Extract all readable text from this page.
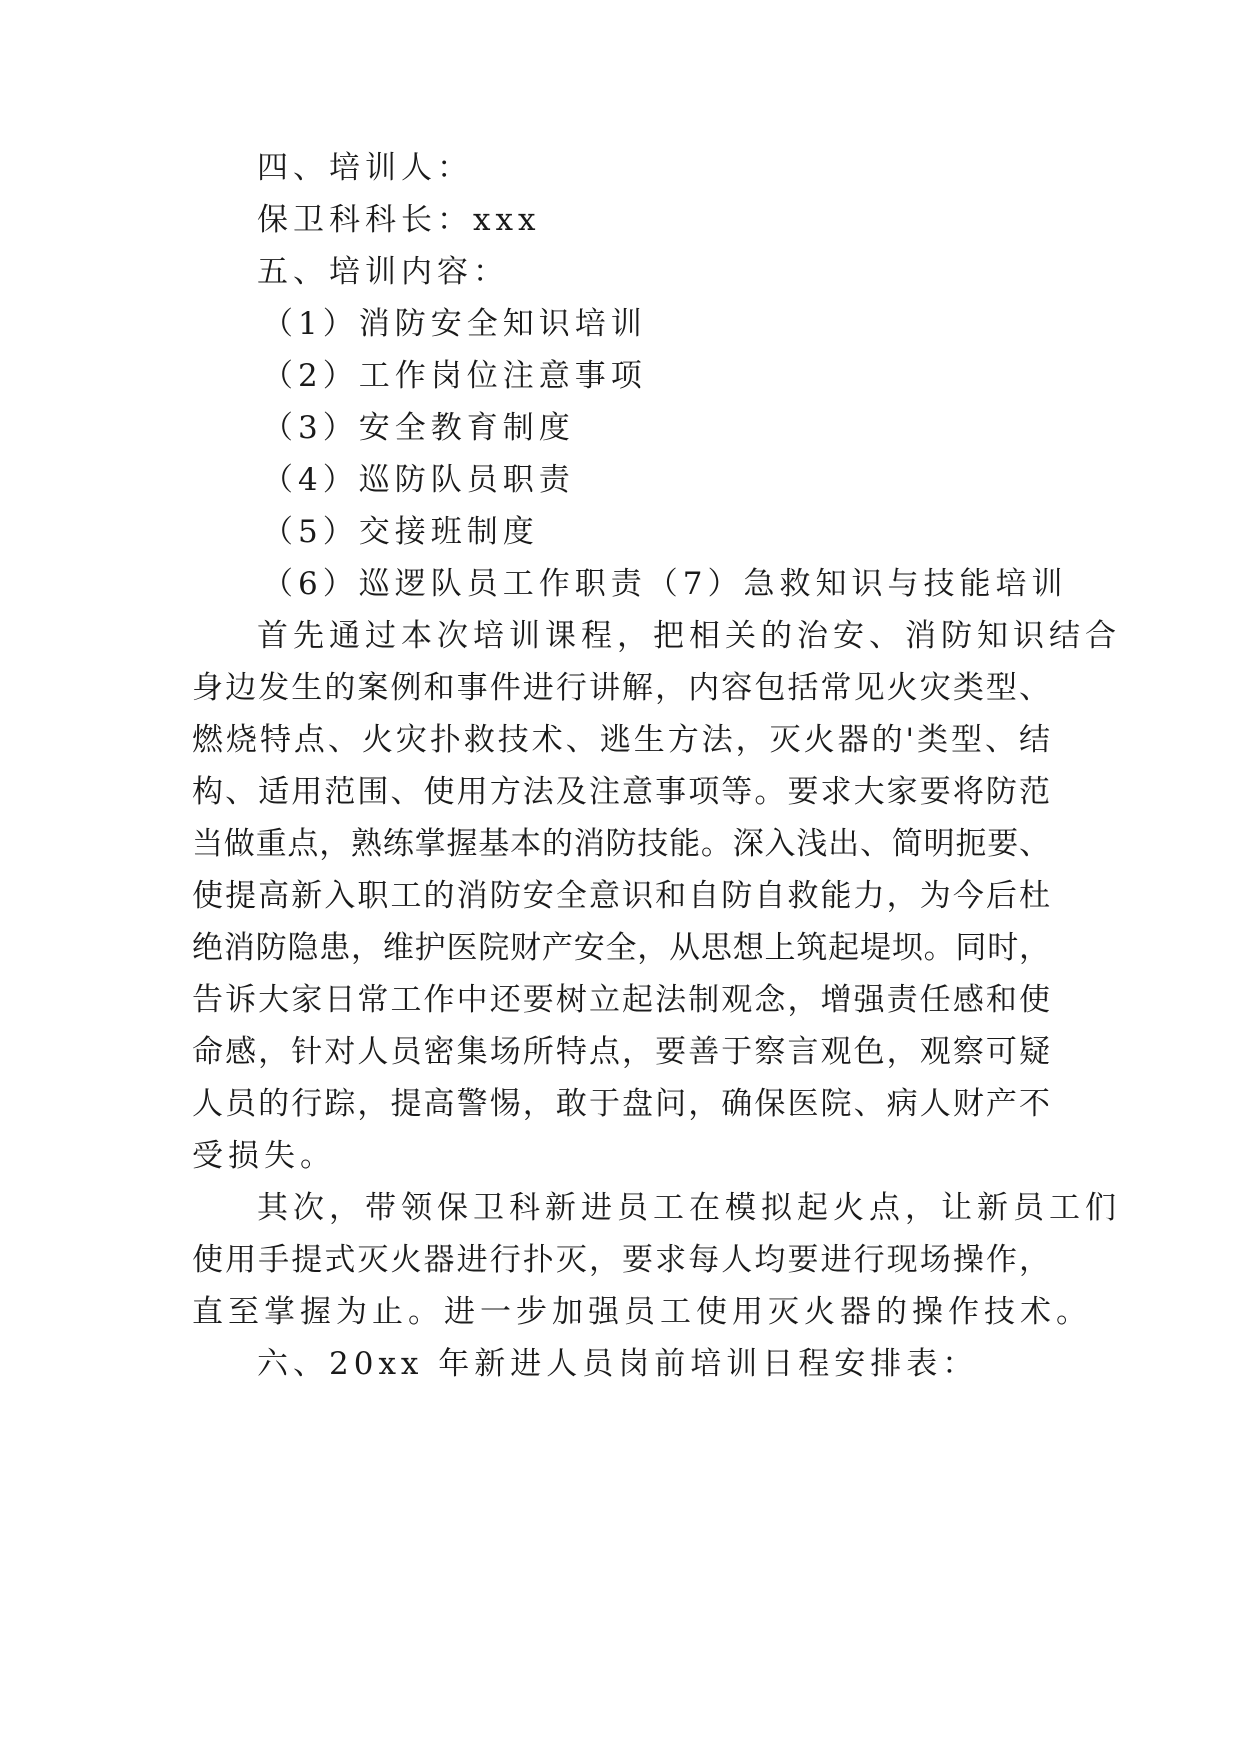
四、培训人：
保卫科科长：xxx
五、培训内容：
（1）消防安全知识培训
（2）工作岗位注意事项
（3）安全教育制度
（4）巡防队员职责
（5）交接班制度
（6）巡逻队员工作职责（7）急救知识与技能培训
首先通过本次培训课程，把相关的治安、消防知识结合
身边发生的案例和事件进行讲解，内容包括常见火灾类型、
燃烧特点、火灾扑救技术、逃生方法，灭火器的'类型、结
构、适用范围、使用方法及注意事项等。要求大家要将防范
当做重点，熟练掌握基本的消防技能。深入浅出、简明扼要、
使提高新入职工的消防安全意识和自防自救能力，为今后杜
绝消防隐患，维护医院财产安全，从思想上筑起堤坝。同时，
告诉大家日常工作中还要树立起法制观念，增强责任感和使
命感，针对人员密集场所特点，要善于察言观色，观察可疑
人员的行踪，提高警惕，敢于盘问，确保医院、病人财产不
受损失。
其次，带领保卫科新进员工在模拟起火点，让新员工们
使用手提式灭火器进行扑灭，要求每人均要进行现场操作，
直至掌握为止。进一步加强员工使用灭火器的操作技术。
六、20xx 年新进人员岗前培训日程安排表：
